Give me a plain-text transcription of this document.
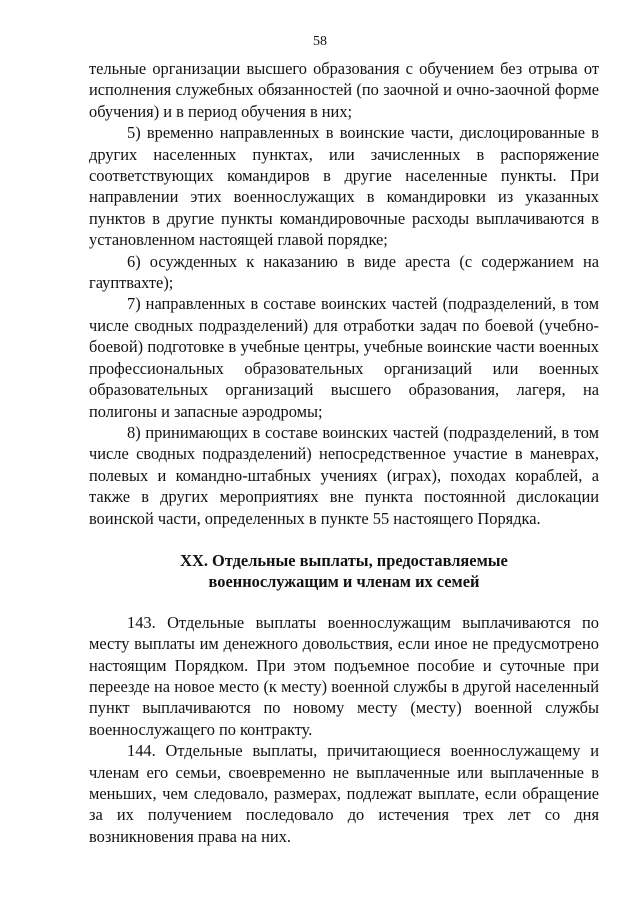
58

тельные организации высшего образования с обучением без отрыва от исполнения служебных обязанностей (по заочной и очно-заочной форме обучения) и в период обучения в них;

5) временно направленных в воинские части, дислоцированные в других населенных пунктах, или зачисленных в распоряжение соответствующих командиров в другие населенные пункты. При направлении этих военнослужащих в командировки из указанных пунктов в другие пункты командировочные расходы выплачиваются в установленном настоящей главой порядке;

6) осужденных к наказанию в виде ареста (с содержанием на гауптвахте);

7) направленных в составе воинских частей (подразделений, в том числе сводных подразделений) для отработки задач по боевой (учебно-боевой) подготовке в учебные центры, учебные воинские части военных профессиональных образовательных организаций или военных образовательных организаций высшего образования, лагеря, на полигоны и запасные аэродромы;

8) принимающих в составе воинских частей (подразделений, в том числе сводных подразделений) непосредственное участие в маневрах, полевых и командно-штабных учениях (играх), походах кораблей, а также в других мероприятиях вне пункта постоянной дислокации воинской части, определенных в пункте 55 настоящего Порядка.

XX. Отдельные выплаты, предоставляемые
военнослужащим и членам их семей

143. Отдельные выплаты военнослужащим выплачиваются по месту выплаты им денежного довольствия, если иное не предусмотрено настоящим Порядком. При этом подъемное пособие и суточные при переезде на новое место (к месту) военной службы в другой населенный пункт выплачиваются по новому месту (месту) военной службы военнослужащего по контракту.

144. Отдельные выплаты, причитающиеся военнослужащему и членам его семьи, своевременно не выплаченные или выплаченные в меньших, чем следовало, размерах, подлежат выплате, если обращение за их получением последовало до истечения трех лет со дня возникновения права на них.
